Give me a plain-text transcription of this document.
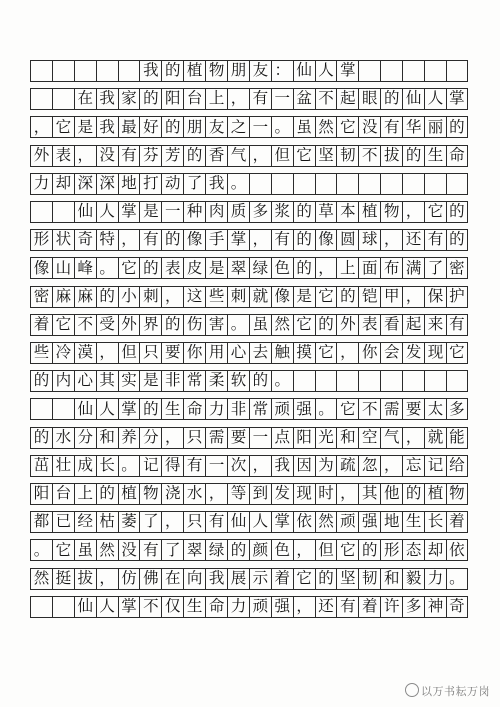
我 的 植 物 朋 友 ： 仙 人 掌
在 我 家 的 阳 台 上 ， 有 一 盆 不 起 眼 的 仙 人 掌
， 它 是 我 最 好 的 朋 友 之 一 。 虽 然 它 没 有 华 丽 的
外 表 ， 没 有 芬 芳 的 香 气 ， 但 它 坚 韧 不 拔 的 生 命
力 却 深 深 地 打 动 了 我 。
仙 人 掌 是 一 种 肉 质 多 浆 的 草 本 植 物 ， 它 的
形 状 奇 特 ， 有 的 像 手 掌 ， 有 的 像 圆 球 ， 还 有 的
像 山 峰 。 它 的 表 皮 是 翠 绿 色 的 ， 上 面 布 满 了 密
密 麻 麻 的 小 刺 ， 这 些 刺 就 像 是 它 的 铠 甲 ， 保 护
着 它 不 受 外 界 的 伤 害 。 虽 然 它 的 外 表 看 起 来 有
些 冷 漠 ， 但 只 要 你 用 心 去 触 摸 它 ， 你 会 发 现 它
的 内 心 其 实 是 非 常 柔 软 的 。
仙 人 掌 的 生 命 力 非 常 顽 强 。 它 不 需 要 太 多
的 水 分 和 养 分 ， 只 需 要 一 点 阳 光 和 空 气 ， 就 能
茁 壮 成 长 。 记 得 有 一 次 ， 我 因 为 疏 忽 ， 忘 记 给
阳 台 上 的 植 物 浇 水 ， 等 到 发 现 时 ， 其 他 的 植 物
都 已 经 枯 萎 了 ， 只 有 仙 人 掌 依 然 顽 强 地 生 长 着
。 它 虽 然 没 有 了 翠 绿 的 颜 色 ， 但 它 的 形 态 却 依
然 挺 拔 ， 仿 佛 在 向 我 展 示 着 它 的 坚 韧 和 毅 力 。
仙 人 掌 不 仅 生 命 力 顽 强 ， 还 有 着 许 多 神 奇
以万书耘万岗
